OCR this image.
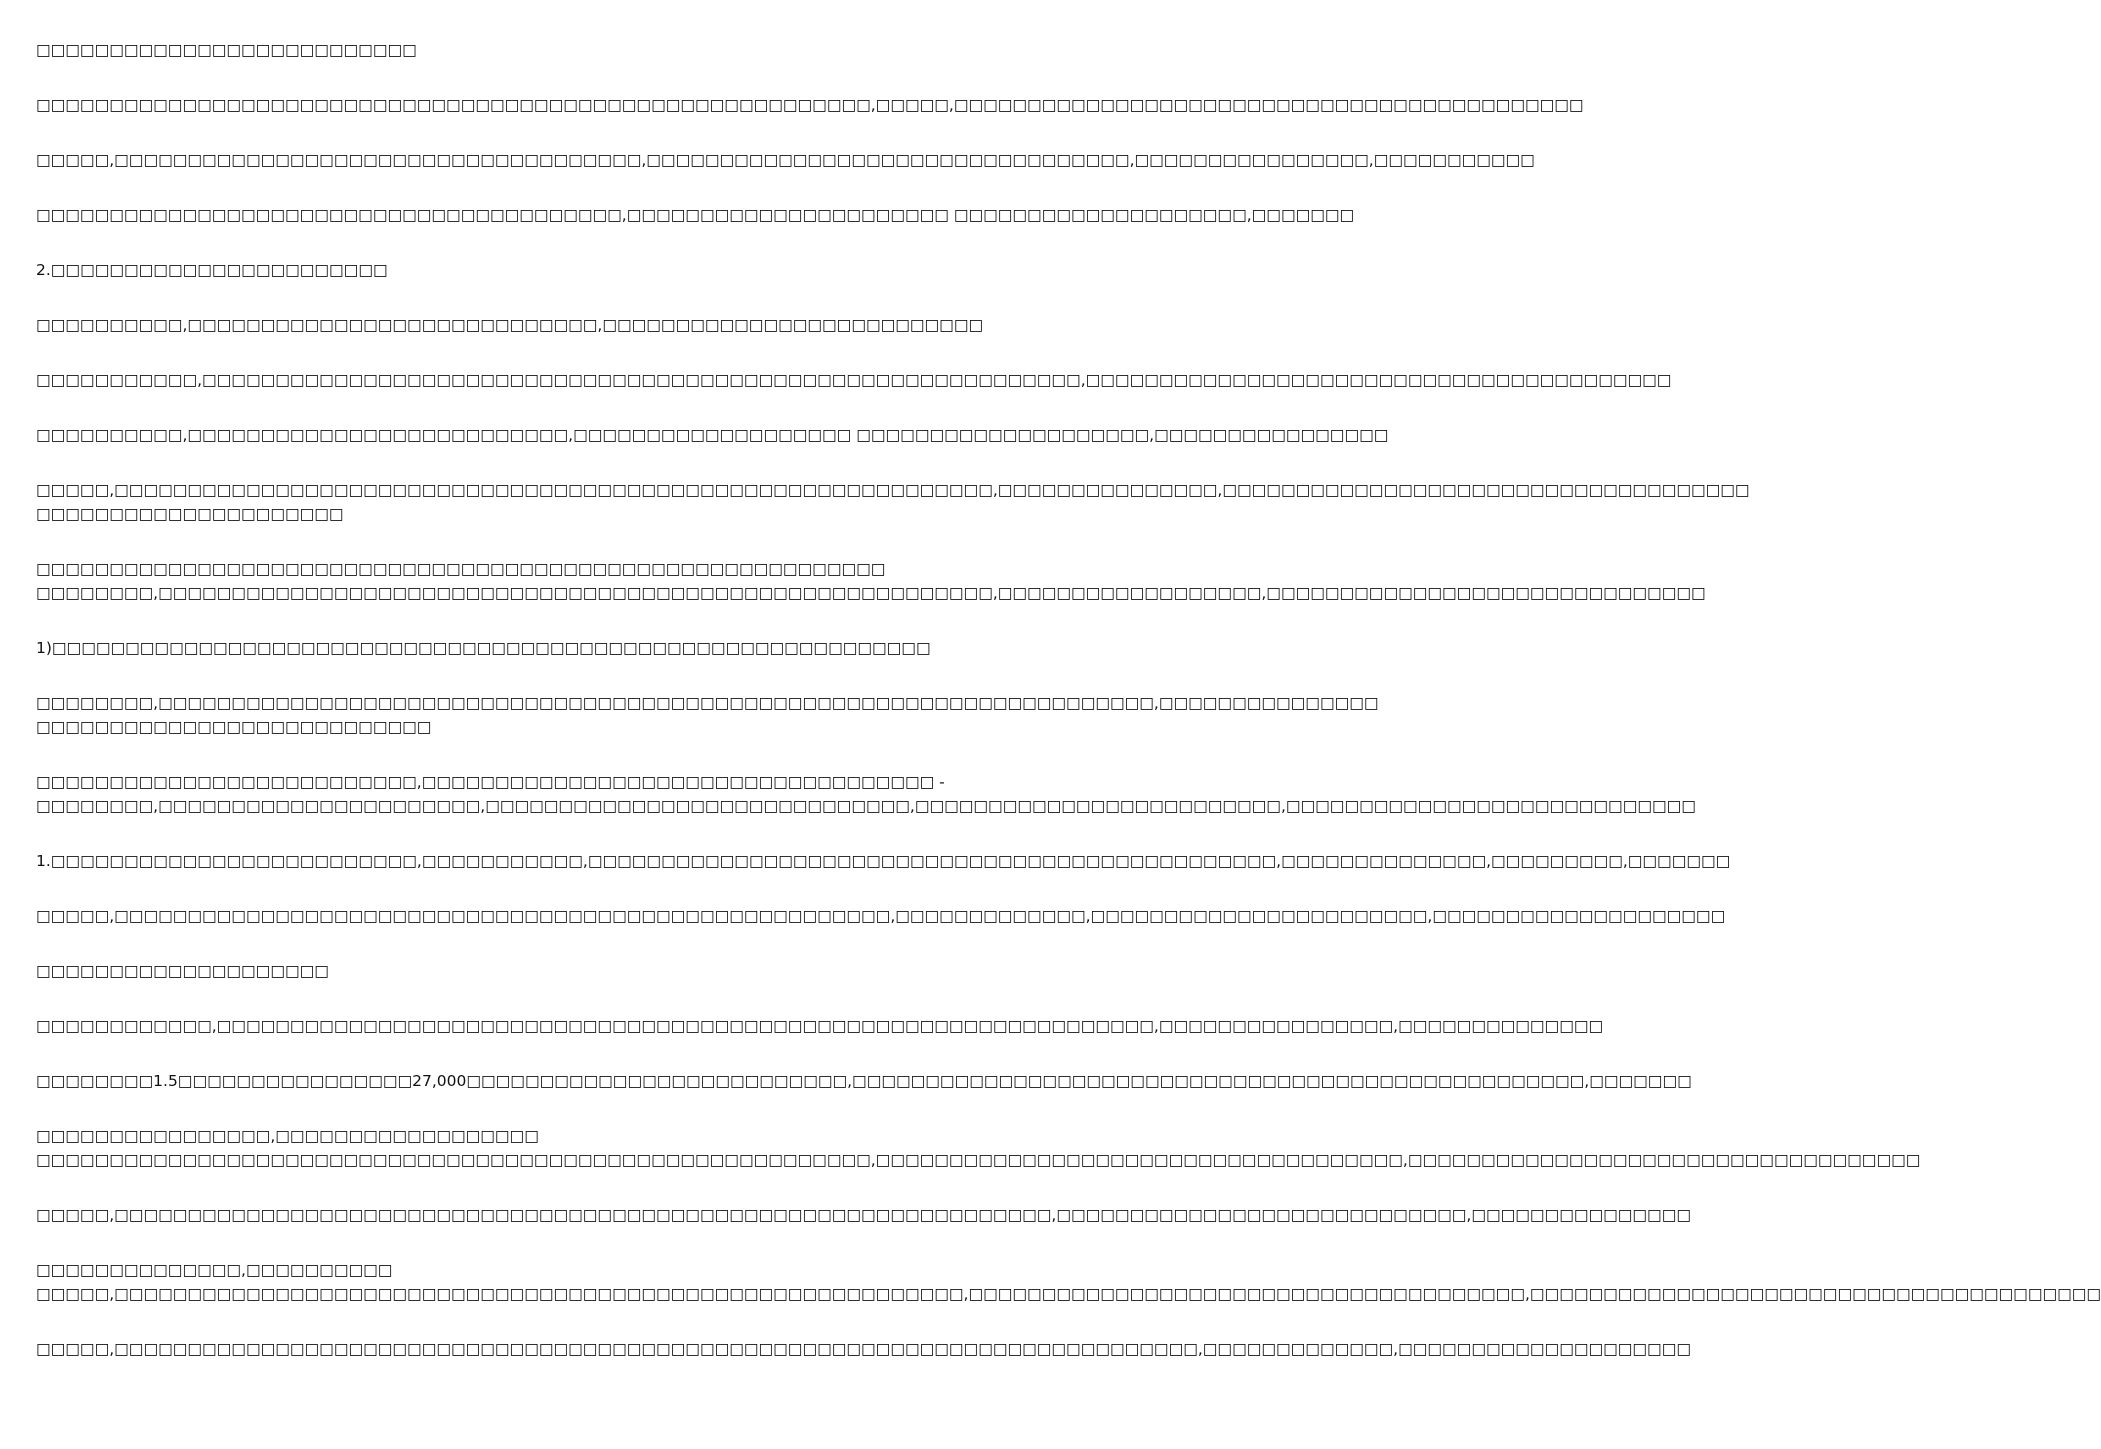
□□□□□□□□□□□□□□□□□□□□□□□□□□

□□□□□□□□□□□□□□□□□□□□□□□□□□□□□□□□□□□□□□□□□□□□□□□□□□□□□□□□□,□□□□□,□□□□□□□□□□□□□□□□□□□□□□□□□□□□□□□□□□□□□□□□□□□

□□□□□,□□□□□□□□□□□□□□□□□□□□□□□□□□□□□□□□□□□□,□□□□□□□□□□□□□□□□□□□□□□□□□□□□□□□□□,□□□□□□□□□□□□□□□□,□□□□□□□□□□□

□□□□□□□□□□□□□□□□□□□□□□□□□□□□□□□□□□□□□□□□,□□□□□□□□□□□□□□□□□□□□□□ □□□□□□□□□□□□□□□□□□□□,□□□□□□□

2.□□□□□□□□□□□□□□□□□□□□□□□

□□□□□□□□□□,□□□□□□□□□□□□□□□□□□□□□□□□□□□□,□□□□□□□□□□□□□□□□□□□□□□□□□□

□□□□□□□□□□□,□□□□□□□□□□□□□□□□□□□□□□□□□□□□□□□□□□□□□□□□□□□□□□□□□□□□□□□□□□□□,□□□□□□□□□□□□□□□□□□□□□□□□□□□□□□□□□□□□□□□□

□□□□□□□□□□,□□□□□□□□□□□□□□□□□□□□□□□□□□,□□□□□□□□□□□□□□□□□□□ □□□□□□□□□□□□□□□□□□□□,□□□□□□□□□□□□□□□□

□□□□□,□□□□□□□□□□□□□□□□□□□□□□□□□□□□□□□□□□□□□□□□□□□□□□□□□□□□□□□□□□□□,□□□□□□□□□□□□□□□,□□□□□□□□□□□□□□□□□□□□□□□□□□□□□□□□□□□□
□□□□□□□□□□□□□□□□□□□□□

□□□□□□□□□□□□□□□□□□□□□□□□□□□□□□□□□□□□□□□□□□□□□□□□□□□□□□□□□□
□□□□□□□□,□□□□□□□□□□□□□□□□□□□□□□□□□□□□□□□□□□□□□□□□□□□□□□□□□□□□□□□□□,□□□□□□□□□□□□□□□□□□,□□□□□□□□□□□□□□□□□□□□□□□□□□□□□□

1)□□□□□□□□□□□□□□□□□□□□□□□□□□□□□□□□□□□□□□□□□□□□□□□□□□□□□□□□□□□□

□□□□□□□□,□□□□□□□□□□□□□□□□□□□□□□□□□□□□□□□□□□□□□□□□□□□□□□□□□□□□□□□□□□□□□□□□□□□□,□□□□□□□□□□□□□□□
□□□□□□□□□□□□□□□□□□□□□□□□□□□

□□□□□□□□□□□□□□□□□□□□□□□□□□,□□□□□□□□□□□□□□□□□□□□□□□□□□□□□□□□□□□ -
□□□□□□□□,□□□□□□□□□□□□□□□□□□□□□□,□□□□□□□□□□□□□□□□□□□□□□□□□□□□□,□□□□□□□□□□□□□□□□□□□□□□□□□,□□□□□□□□□□□□□□□□□□□□□□□□□□□□

1.□□□□□□□□□□□□□□□□□□□□□□□□□,□□□□□□□□□□□,□□□□□□□□□□□□□□□□□□□□□□□□□□□□□□□□□□□□□□□□□□□□□□□,□□□□□□□□□□□□□□,□□□□□□□□□,□□□□□□□

□□□□□,□□□□□□□□□□□□□□□□□□□□□□□□□□□□□□□□□□□□□□□□□□□□□□□□□□□□□,□□□□□□□□□□□□□,□□□□□□□□□□□□□□□□□□□□□□□,□□□□□□□□□□□□□□□□□□□□

□□□□□□□□□□□□□□□□□□□□

□□□□□□□□□□□□,□□□□□□□□□□□□□□□□□□□□□□□□□□□□□□□□□□□□□□□□□□□□□□□□□□□□□□□□□□□□□□□□,□□□□□□□□□□□□□□□□,□□□□□□□□□□□□□□

□□□□□□□□1.5□□□□□□□□□□□□□□□□27,000□□□□□□□□□□□□□□□□□□□□□□□□□□,□□□□□□□□□□□□□□□□□□□□□□□□□□□□□□□□□□□□□□□□□□□□□□□□□□,□□□□□□□

□□□□□□□□□□□□□□□□,□□□□□□□□□□□□□□□□□□
□□□□□□□□□□□□□□□□□□□□□□□□□□□□□□□□□□□□□□□□□□□□□□□□□□□□□□□□□,□□□□□□□□□□□□□□□□□□□□□□□□□□□□□□□□□□□□,□□□□□□□□□□□□□□□□□□□□□□□□□□□□□□□□□□□

□□□□□,□□□□□□□□□□□□□□□□□□□□□□□□□□□□□□□□□□□□□□□□□□□□□□□□□□□□□□□□□□□□□□□□,□□□□□□□□□□□□□□□□□□□□□□□□□□□□,□□□□□□□□□□□□□□□

□□□□□□□□□□□□□□,□□□□□□□□□□
□□□□□,□□□□□□□□□□□□□□□□□□□□□□□□□□□□□□□□□□□□□□□□□□□□□□□□□□□□□□□□□□,□□□□□□□□□□□□□□□□□□□□□□□□□□□□□□□□□□□□□□,□□□□□□□□□□□□□□□□□□□□□□□□□□□□□□□□□□□□□□□

□□□□□,□□□□□□□□□□□□□□□□□□□□□□□□□□□□□□□□□□□□□□□□□□□□□□□□□□□□□□□□□□□□□□□□□□□□□□□□□□,□□□□□□□□□□□□□,□□□□□□□□□□□□□□□□□□□□
